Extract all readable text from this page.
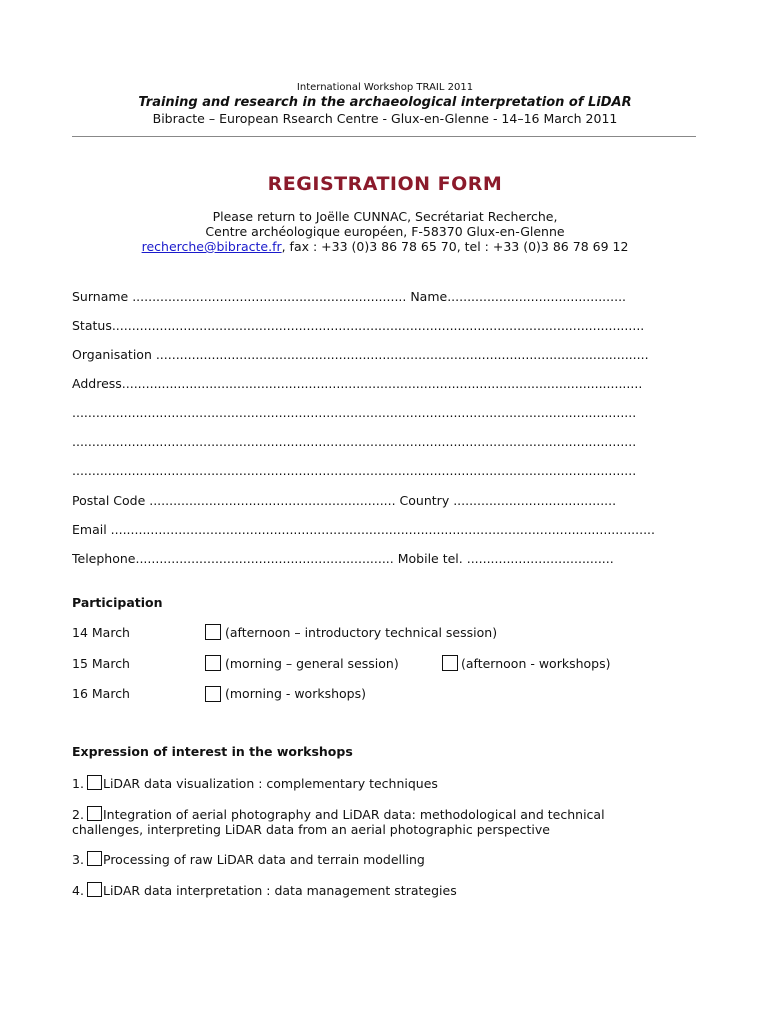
International Workshop TRAIL 2011
Training and research in the archaeological interpretation of LiDAR
Bibracte – European Rsearch Centre - Glux-en-Glenne - 14–16 March 2011
REGISTRATION FORM
Please return to Joëlle CUNNAC, Secrétariat Recherche,
Centre archéologique européen, F-58370 Glux-en-Glenne
recherche@bibracte.fr, fax : +33 (0)3 86 78 65 70, tel : +33 (0)3 86 78 69 12
Surname ..................................................................... Name.............................................
Status......................................................................................................................................
Organisation ............................................................................................................................
Address...................................................................................................................................
..............................................................................................................................................
..............................................................................................................................................
..............................................................................................................................................
Postal Code .............................................................. Country .........................................
Email .........................................................................................................................................
Telephone................................................................. Mobile tel. .....................................
Participation
14 March	(afternoon – introductory technical session)
15 March	(morning – general session)	(afternoon - workshops)
16 March	(morning - workshops)
Expression of interest in the workshops
1. LiDAR data visualization : complementary techniques
2. Integration of aerial photography and LiDAR data: methodological and technical
challenges, interpreting LiDAR data from an aerial photographic perspective
3. Processing of raw LiDAR data and terrain modelling
4. LiDAR data interpretation : data management strategies
